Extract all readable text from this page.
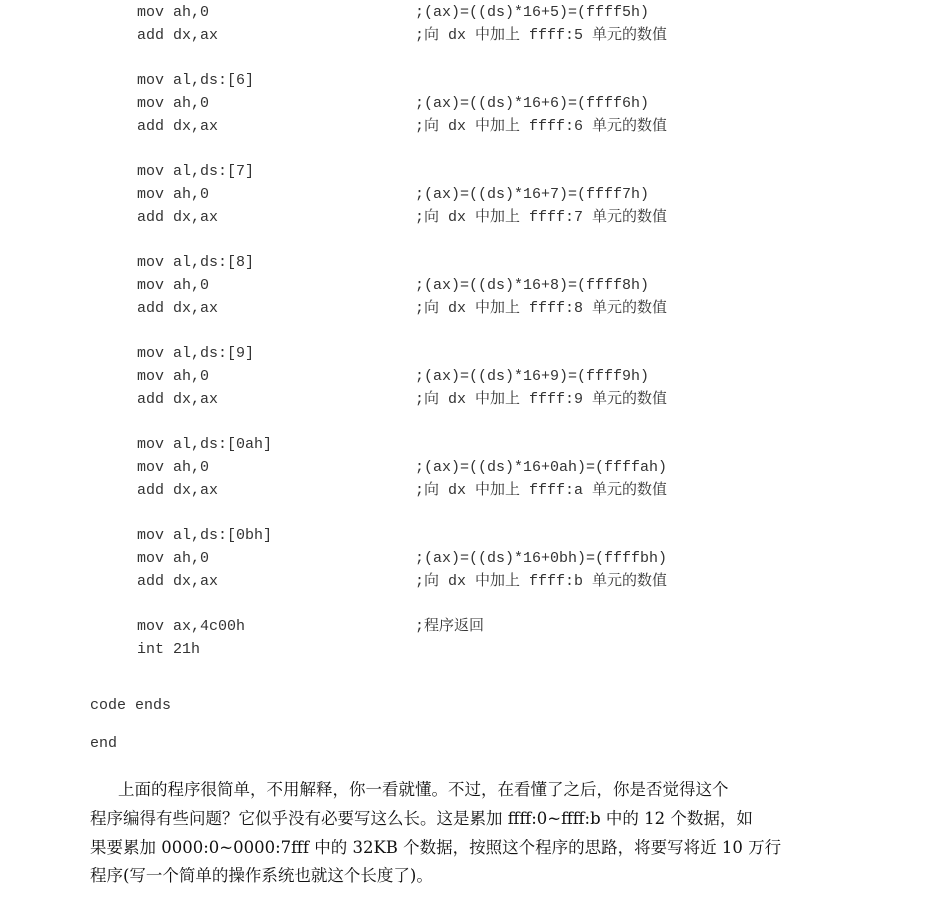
mov ah,0	;(ax)=((ds)*16+5)=(ffff5h)
add dx,ax	;向 dx 中加上 ffff:5 单元的数值
mov al,ds:[6]
mov ah,0	;(ax)=((ds)*16+6)=(ffff6h)
add dx,ax	;向 dx 中加上 ffff:6 单元的数值
mov al,ds:[7]
mov ah,0	;(ax)=((ds)*16+7)=(ffff7h)
add dx,ax	;向 dx 中加上 ffff:7 单元的数值
mov al,ds:[8]
mov ah,0	;(ax)=((ds)*16+8)=(ffff8h)
add dx,ax	;向 dx 中加上 ffff:8 单元的数值
mov al,ds:[9]
mov ah,0	;(ax)=((ds)*16+9)=(ffff9h)
add dx,ax	;向 dx 中加上 ffff:9 单元的数值
mov al,ds:[0ah]
mov ah,0	;(ax)=((ds)*16+0ah)=(ffffah)
add dx,ax	;向 dx 中加上 ffff:a 单元的数值
mov al,ds:[0bh]
mov ah,0	;(ax)=((ds)*16+0bh)=(ffffbh)
add dx,ax	;向 dx 中加上 ffff:b 单元的数值
mov ax,4c00h	;程序返回
int 21h
code ends
end
上面的程序很简单，不用解释，你一看就懂。不过，在看懂了之后，你是否觉得这个
程序编得有些问题？它似乎没有必要写这么长。这是累加 ffff:0~ffff:b 中的 12 个数据，如
果要累加 0000:0~0000:7fff 中的 32KB 个数据，按照这个程序的思路，将要写将近 10 万行
程序(写一个简单的操作系统也就这个长度了)。
